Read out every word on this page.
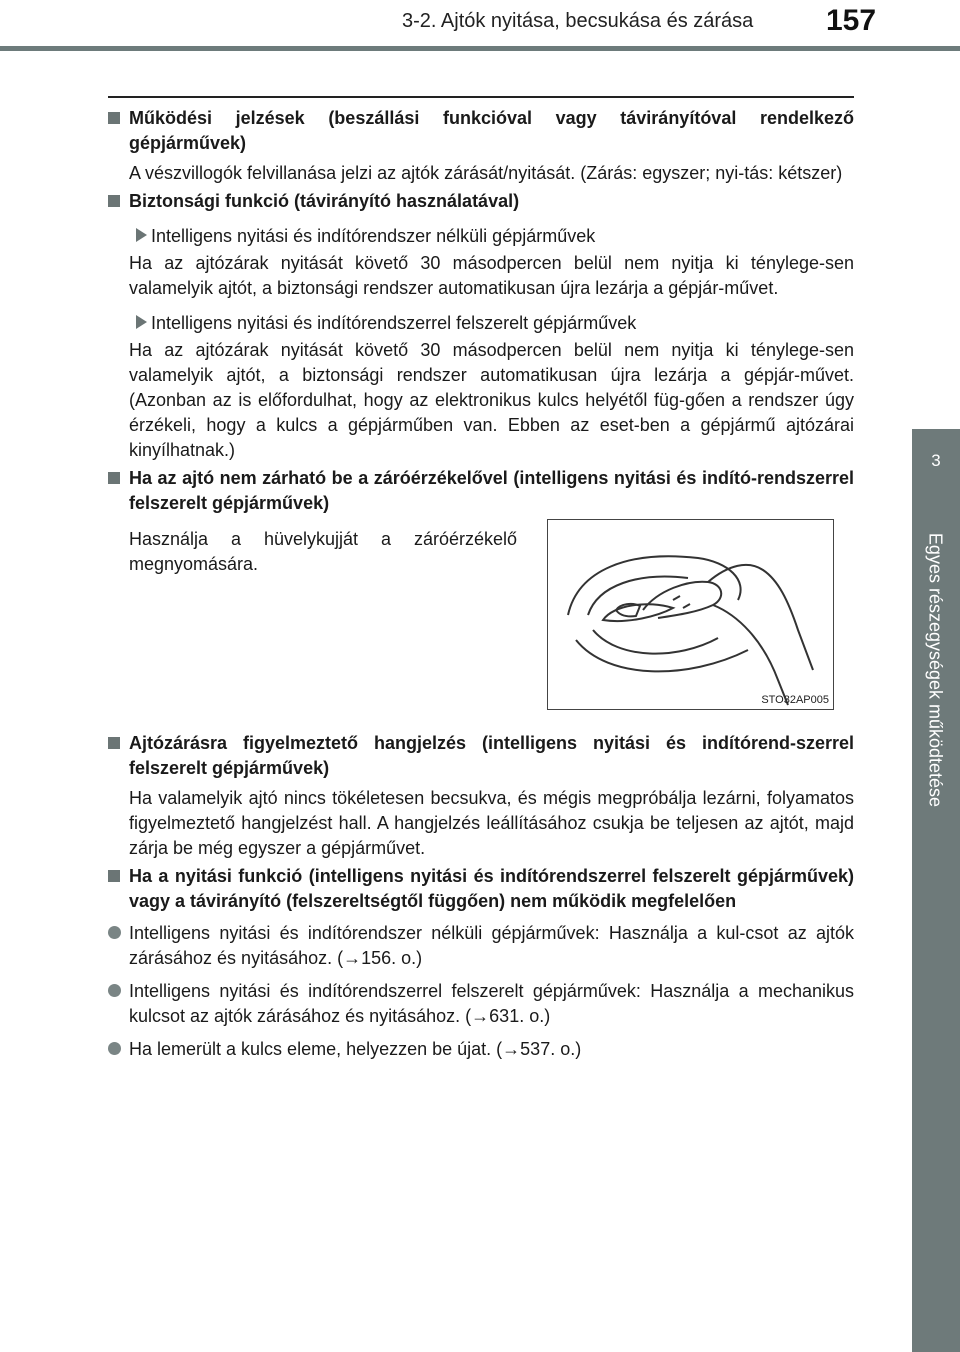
3-2. Ajtók nyitása, becsukása és zárása 157
3
Egyes részegységek működtetése
Működési jelzések (beszállási funkcióval vagy távirányítóval rendelkező gépjárművek)
A vészvillogók felvillanása jelzi az ajtók zárását/nyitását. (Zárás: egyszer; nyi-tás: kétszer)
Biztonsági funkció (távirányító használatával)
Intelligens nyitási és indítórendszer nélküli gépjárművek
Ha az ajtózárak nyitását követő 30 másodpercen belül nem nyitja ki ténylege-sen valamelyik ajtót, a biztonsági rendszer automatikusan újra lezárja a gépjár-művet.
Intelligens nyitási és indítórendszerrel felszerelt gépjárművek
Ha az ajtózárak nyitását követő 30 másodpercen belül nem nyitja ki ténylege-sen valamelyik ajtót, a biztonsági rendszer automatikusan újra lezárja a gépjár-művet. (Azonban az is előfordulhat, hogy az elektronikus kulcs helyétől füg-gően a rendszer úgy érzékeli, hogy a kulcs a gépjárműben van. Ebben az eset-ben a gépjármű ajtózárai kinyílhatnak.)
Ha az ajtó nem zárható be a záróérzékelővel (intelligens nyitási és indító-rendszerrel felszerelt gépjárművek)
Használja a hüvelykujját a záróérzékelő megnyomására.
STO32AP005
Ajtózárásra figyelmeztető hangjelzés (intelligens nyitási és indítórend-szerrel felszerelt gépjárművek)
Ha valamelyik ajtó nincs tökéletesen becsukva, és mégis megpróbálja lezárni, folyamatos figyelmeztető hangjelzést hall. A hangjelzés leállításához csukja be teljesen az ajtót, majd zárja be még egyszer a gépjárművet.
Ha a nyitási funkció (intelligens nyitási és indítórendszerrel felszerelt gépjárművek) vagy a távirányító (felszereltségtől függően) nem működik megfelelően
Intelligens nyitási és indítórendszer nélküli gépjárművek: Használja a kul-csot az ajtók zárásához és nyitásához. (→156. o.)
Intelligens nyitási és indítórendszerrel felszerelt gépjárművek: Használja a mechanikus kulcsot az ajtók zárásához és nyitásához. (→631. o.)
Ha lemerült a kulcs eleme, helyezzen be újat. (→537. o.)
